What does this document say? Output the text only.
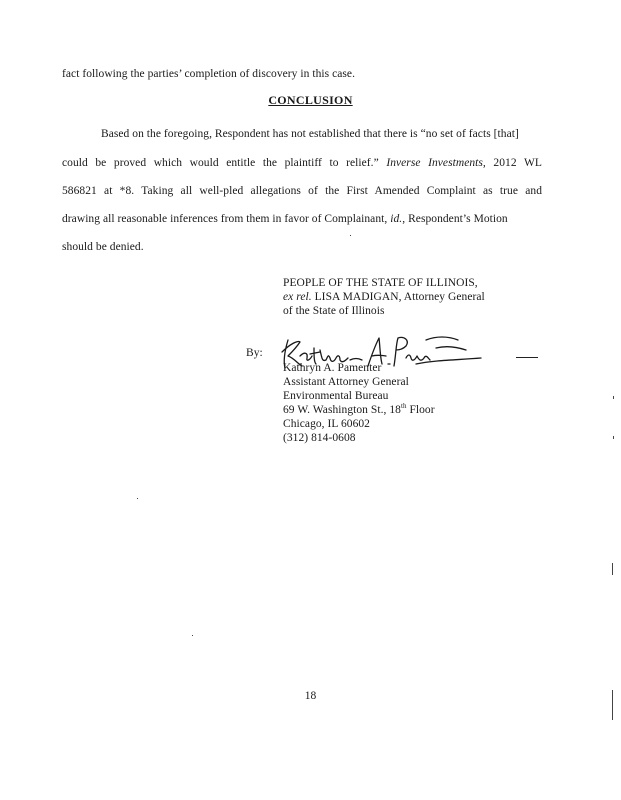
fact following the parties’ completion of discovery in this case.
CONCLUSION
Based on the foregoing, Respondent has not established that there is “no set of facts [that]
could be proved which would entitle the plaintiff to relief.” Inverse Investments, 2012 WL
586821 at *8. Taking all well-pled allegations of the First Amended Complaint as true and
drawing all reasonable inferences from them in favor of Complainant, id., Respondent’s Motion
should be denied.
PEOPLE OF THE STATE OF ILLINOIS,
ex rel. LISA MADIGAN, Attorney General
of the State of Illinois
By:
Kathryn A. Pamenter
Assistant Attorney General
Environmental Bureau
69 W. Washington St., 18th Floor
Chicago, IL 60602
(312) 814-0608
18
